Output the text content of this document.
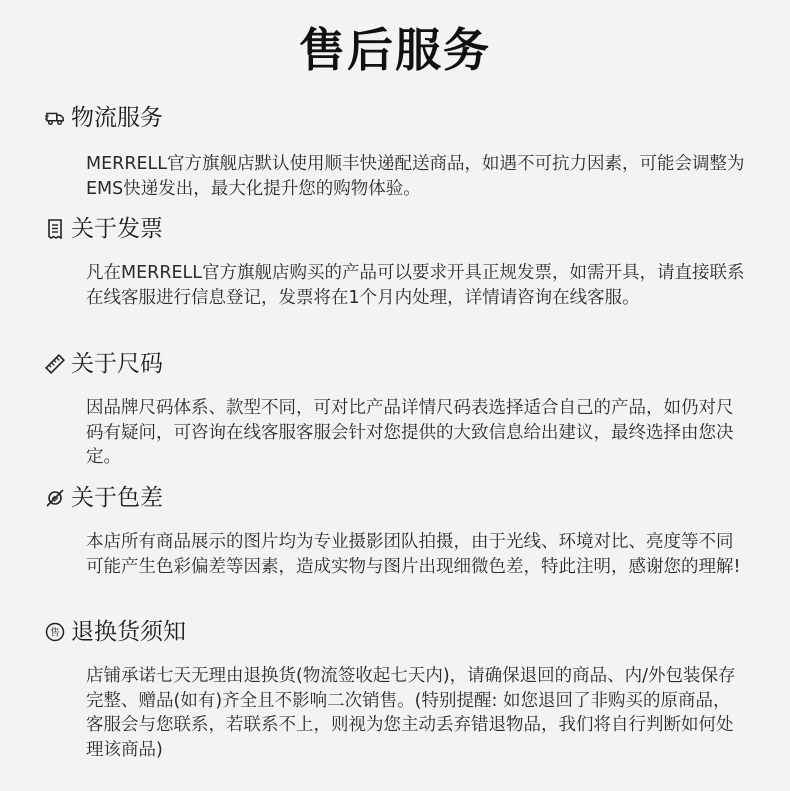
售后服务
物流服务
MERRELL官方旗舰店默认使用顺丰快递配送商品，如遇不可抗力因素，可能会调整为EMS快递发出，最大化提升您的购物体验。
关于发票
凡在MERRELL官方旗舰店购买的产品可以要求开具正规发票，如需开具，请直接联系在线客服进行信息登记，发票将在1个月内处理，详情请咨询在线客服。
关于尺码
因品牌尺码体系、款型不同，可对比产品详情尺码表选择适合自己的产品，如仍对尺码有疑问，可咨询在线客服客服会针对您提供的大致信息给出建议，最终选择由您决定。
关于色差
本店所有商品展示的图片均为专业摄影团队拍摄，由于光线、环境对比、亮度等不同可能产生色彩偏差等因素，造成实物与图片出现细微色差，特此注明，感谢您的理解!
售 退换货须知
店铺承诺七天无理由退换货(物流签收起七天内)，请确保退回的商品、内/外包装保存完整、赠品(如有)齐全且不影响二次销售。(特别提醒: 如您退回了非购买的原商品，客服会与您联系，若联系不上，则视为您主动丢弃错退物品，我们将自行判断如何处理该商品)
